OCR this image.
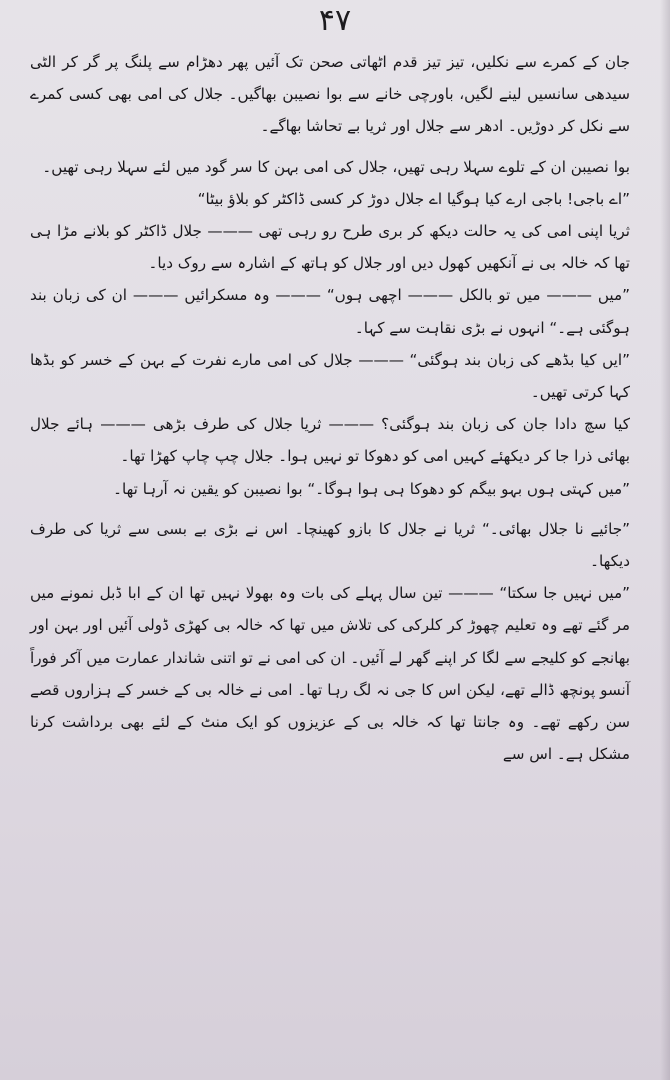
۴۷

جان کے کمرے سے نکلیں، تیز تیز قدم اٹھاتی صحن تک آئیں پھر دھڑام سے پلنگ پر گر کر الٹی سیدھی سانسیں لینے لگیں، باورچی خانے سے بوا نصیبن بھاگیں۔ جلال کی امی بھی کسی کمرے سے نکل کر دوڑیں۔ ادھر سے جلال اور ثریا بے تحاشا بھاگے۔

بوا نصیبن ان کے تلوے سہلا رہی تھیں، جلال کی امی بہن کا سر گود میں لئے سہلا رہی تھیں۔

”اے باجی! باجی ارے کیا ہوگیا اے جلال دوڑ کر کسی ڈاکٹر کو بلاؤ بیٹا“

ثریا اپنی امی کی یہ حالت دیکھ کر بری طرح رو رہی تھی ——— جلال ڈاکٹر کو بلانے مڑا ہی تھا کہ خالہ بی نے آنکھیں کھول دیں اور جلال کو ہاتھ کے اشارہ سے روک دیا۔

”میں ——— میں تو بالکل ——— اچھی ہوں“ ——— وہ مسکرائیں ——— ان کی زبان بند ہوگئی ہے۔“ انہوں نے بڑی نقاہت سے کہا۔

”ایں کیا بڈھے کی زبان بند ہوگئی“ ——— جلال کی امی مارے نفرت کے بہن کے خسر کو بڈھا کہا کرتی تھیں۔

کیا سچ دادا جان کی زبان بند ہوگئی؟ ——— ثریا جلال کی طرف بڑھی ——— ہائے جلال بھائی ذرا جا کر دیکھئے کہیں امی کو دھوکا تو نہیں ہوا۔ جلال چپ چاپ کھڑا تھا۔

”میں کہتی ہوں بہو بیگم کو دھوکا ہی ہوا ہوگا۔“ بوا نصیبن کو یقین نہ آرہا تھا۔

”جائیے نا جلال بھائی۔“ ثریا نے جلال کا بازو کھینچا۔ اس نے بڑی بے بسی سے ثریا کی طرف دیکھا۔

”میں نہیں جا سکتا“ ——— تین سال پہلے کی بات وہ بھولا نہیں تھا ان کے ابا ڈبل نمونے میں مر گئے تھے وہ تعلیم چھوڑ کر کلرکی کی تلاش میں تھا کہ خالہ بی کھڑی ڈولی آئیں اور بہن اور بھانجے کو کلیجے سے لگا کر اپنے گھر لے آئیں۔ ان کی امی نے تو اتنی شاندار عمارت میں آکر فوراً آنسو پونچھ ڈالے تھے، لیکن اس کا جی نہ لگ رہا تھا۔ امی نے خالہ بی کے خسر کے ہزاروں قصے سن رکھے تھے۔ وہ جانتا تھا کہ خالہ بی کے عزیزوں کو ایک منٹ کے لئے بھی برداشت کرنا مشکل ہے۔ اس سے
